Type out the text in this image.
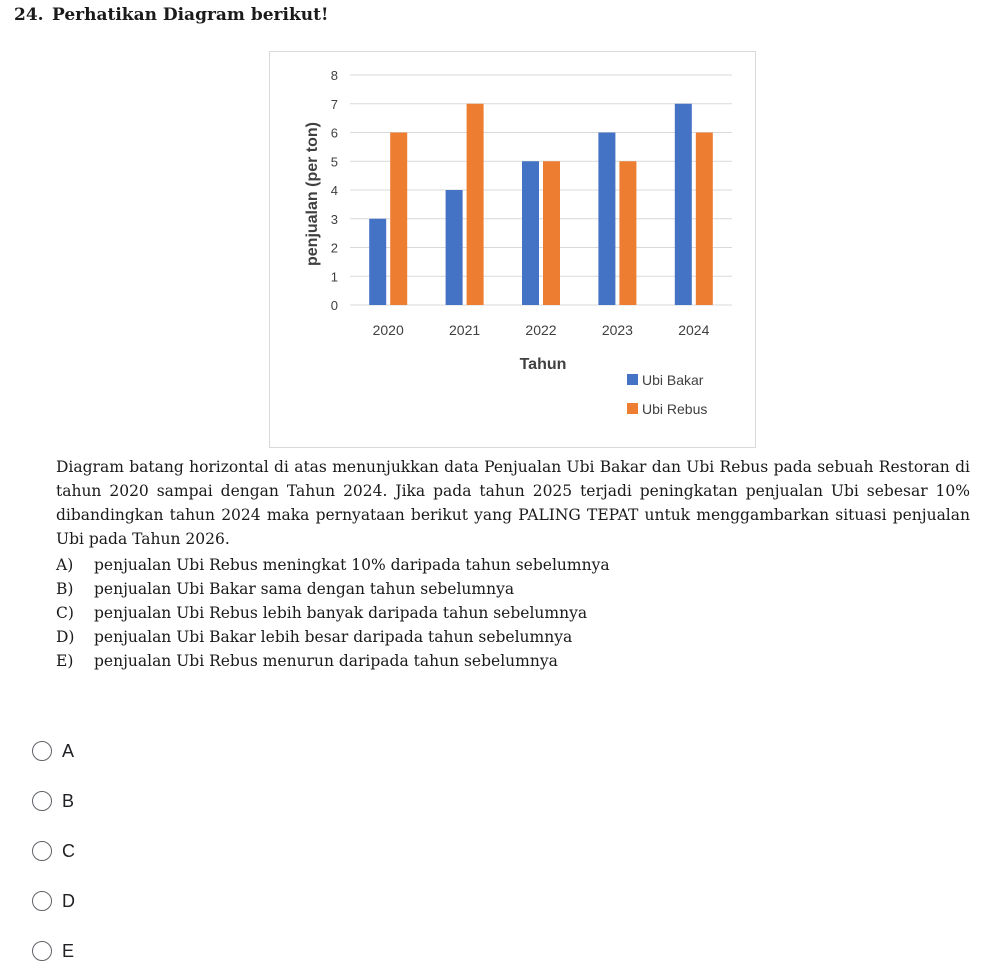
24. Perhatikan Diagram berikut!
0
1
2
3
4
5
6
7
8
2020	2021	2022	2023	2024
Tahun
penjualan (per ton)
Ubi Bakar
Ubi Rebus
Diagram batang horizontal di atas menunjukkan data Penjualan Ubi Bakar dan Ubi Rebus pada sebuah Restoran di tahun 2020 sampai dengan Tahun 2024. Jika pada tahun 2025 terjadi peningkatan penjualan Ubi sebesar 10% dibandingkan tahun 2024 maka pernyataan berikut yang PALING TEPAT untuk menggambarkan situasi penjualan Ubi pada Tahun 2026.
A) penjualan Ubi Rebus meningkat 10% daripada tahun sebelumnya
B) penjualan Ubi Bakar sama dengan tahun sebelumnya
C) penjualan Ubi Rebus lebih banyak daripada tahun sebelumnya
D) penjualan Ubi Bakar lebih besar daripada tahun sebelumnya
E) penjualan Ubi Rebus menurun daripada tahun sebelumnya
A
B
C
D
E
